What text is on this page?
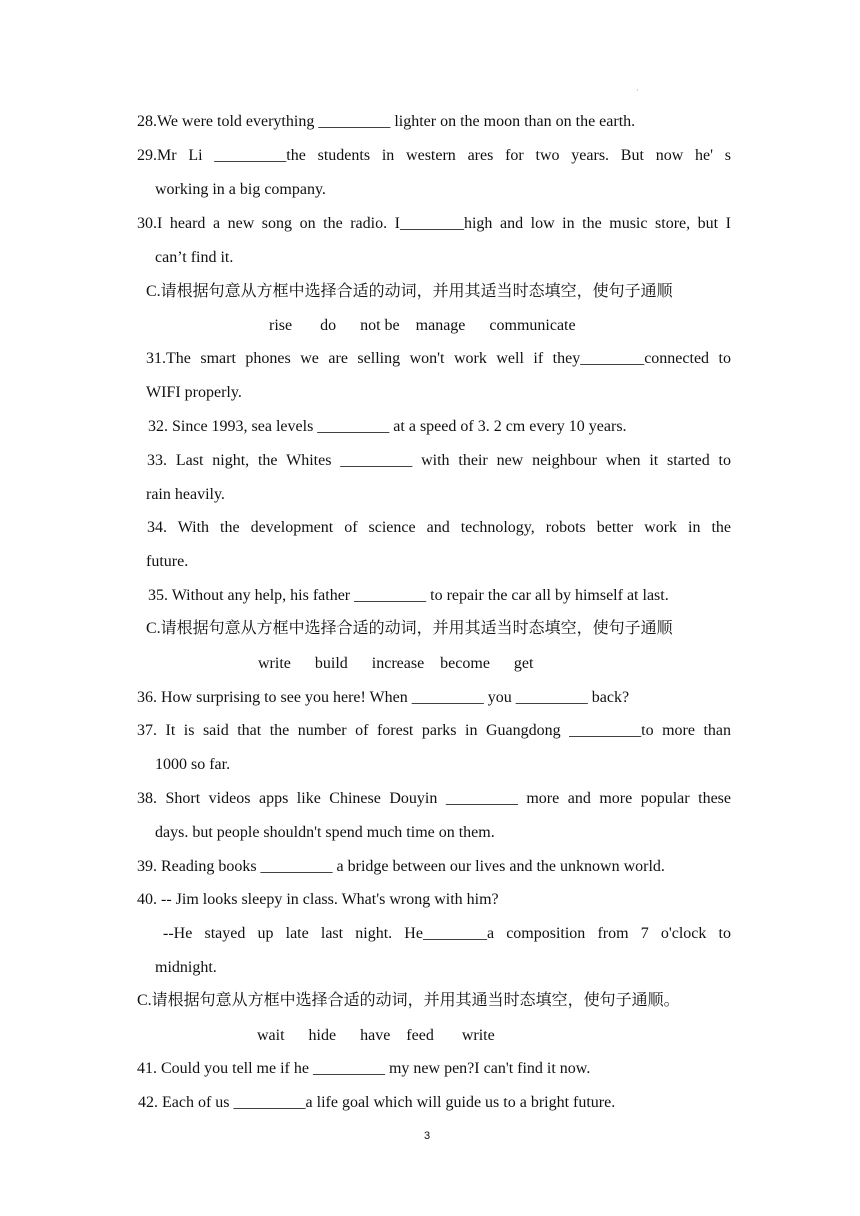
·
28.We were told everything _________ lighter on the moon than on the earth.
29.Mr Li _________the students in western ares for two years. But now he' s
working in a big company.
30.I heard a new song on the radio. I________high and low in the music store, but I
can’t find it.
C.请根据句意从方框中选择合适的动词，并用其适当时态填空，使句子通顺
rise       do      not be    manage      communicate
31.The smart phones we are selling won't work well if they________connected to
WIFI properly.
32. Since 1993, sea levels _________ at a speed of 3. 2 cm every 10 years.
33. Last night, the Whites _________ with their new neighbour when it started to
rain heavily.
34. With the development of science and technology, robots better work in the
future.
35. Without any help, his father _________ to repair the car all by himself at last.
C.请根据句意从方框中选择合适的动词，并用其适当时态填空，使句子通顺
write      build      increase    become      get
36. How surprising to see you here! When _________ you _________ back?
37. It is said that the number of forest parks in Guangdong _________to more than
1000 so far.
38. Short videos apps like Chinese Douyin _________ more and more popular these
days. but people shouldn't spend much time on them.
39. Reading books _________ a bridge between our lives and the unknown world.
40. -- Jim looks sleepy in class. What's wrong with him?
--He stayed up late last night. He________a composition from 7 o'clock to
midnight.
C.请根据句意从方框中选择合适的动词，并用其通当时态填空，使句子通顺。
wait      hide      have    feed       write
41. Could you tell me if he _________ my new pen?I can't find it now.
42. Each of us _________a life goal which will guide us to a bright future.
3
